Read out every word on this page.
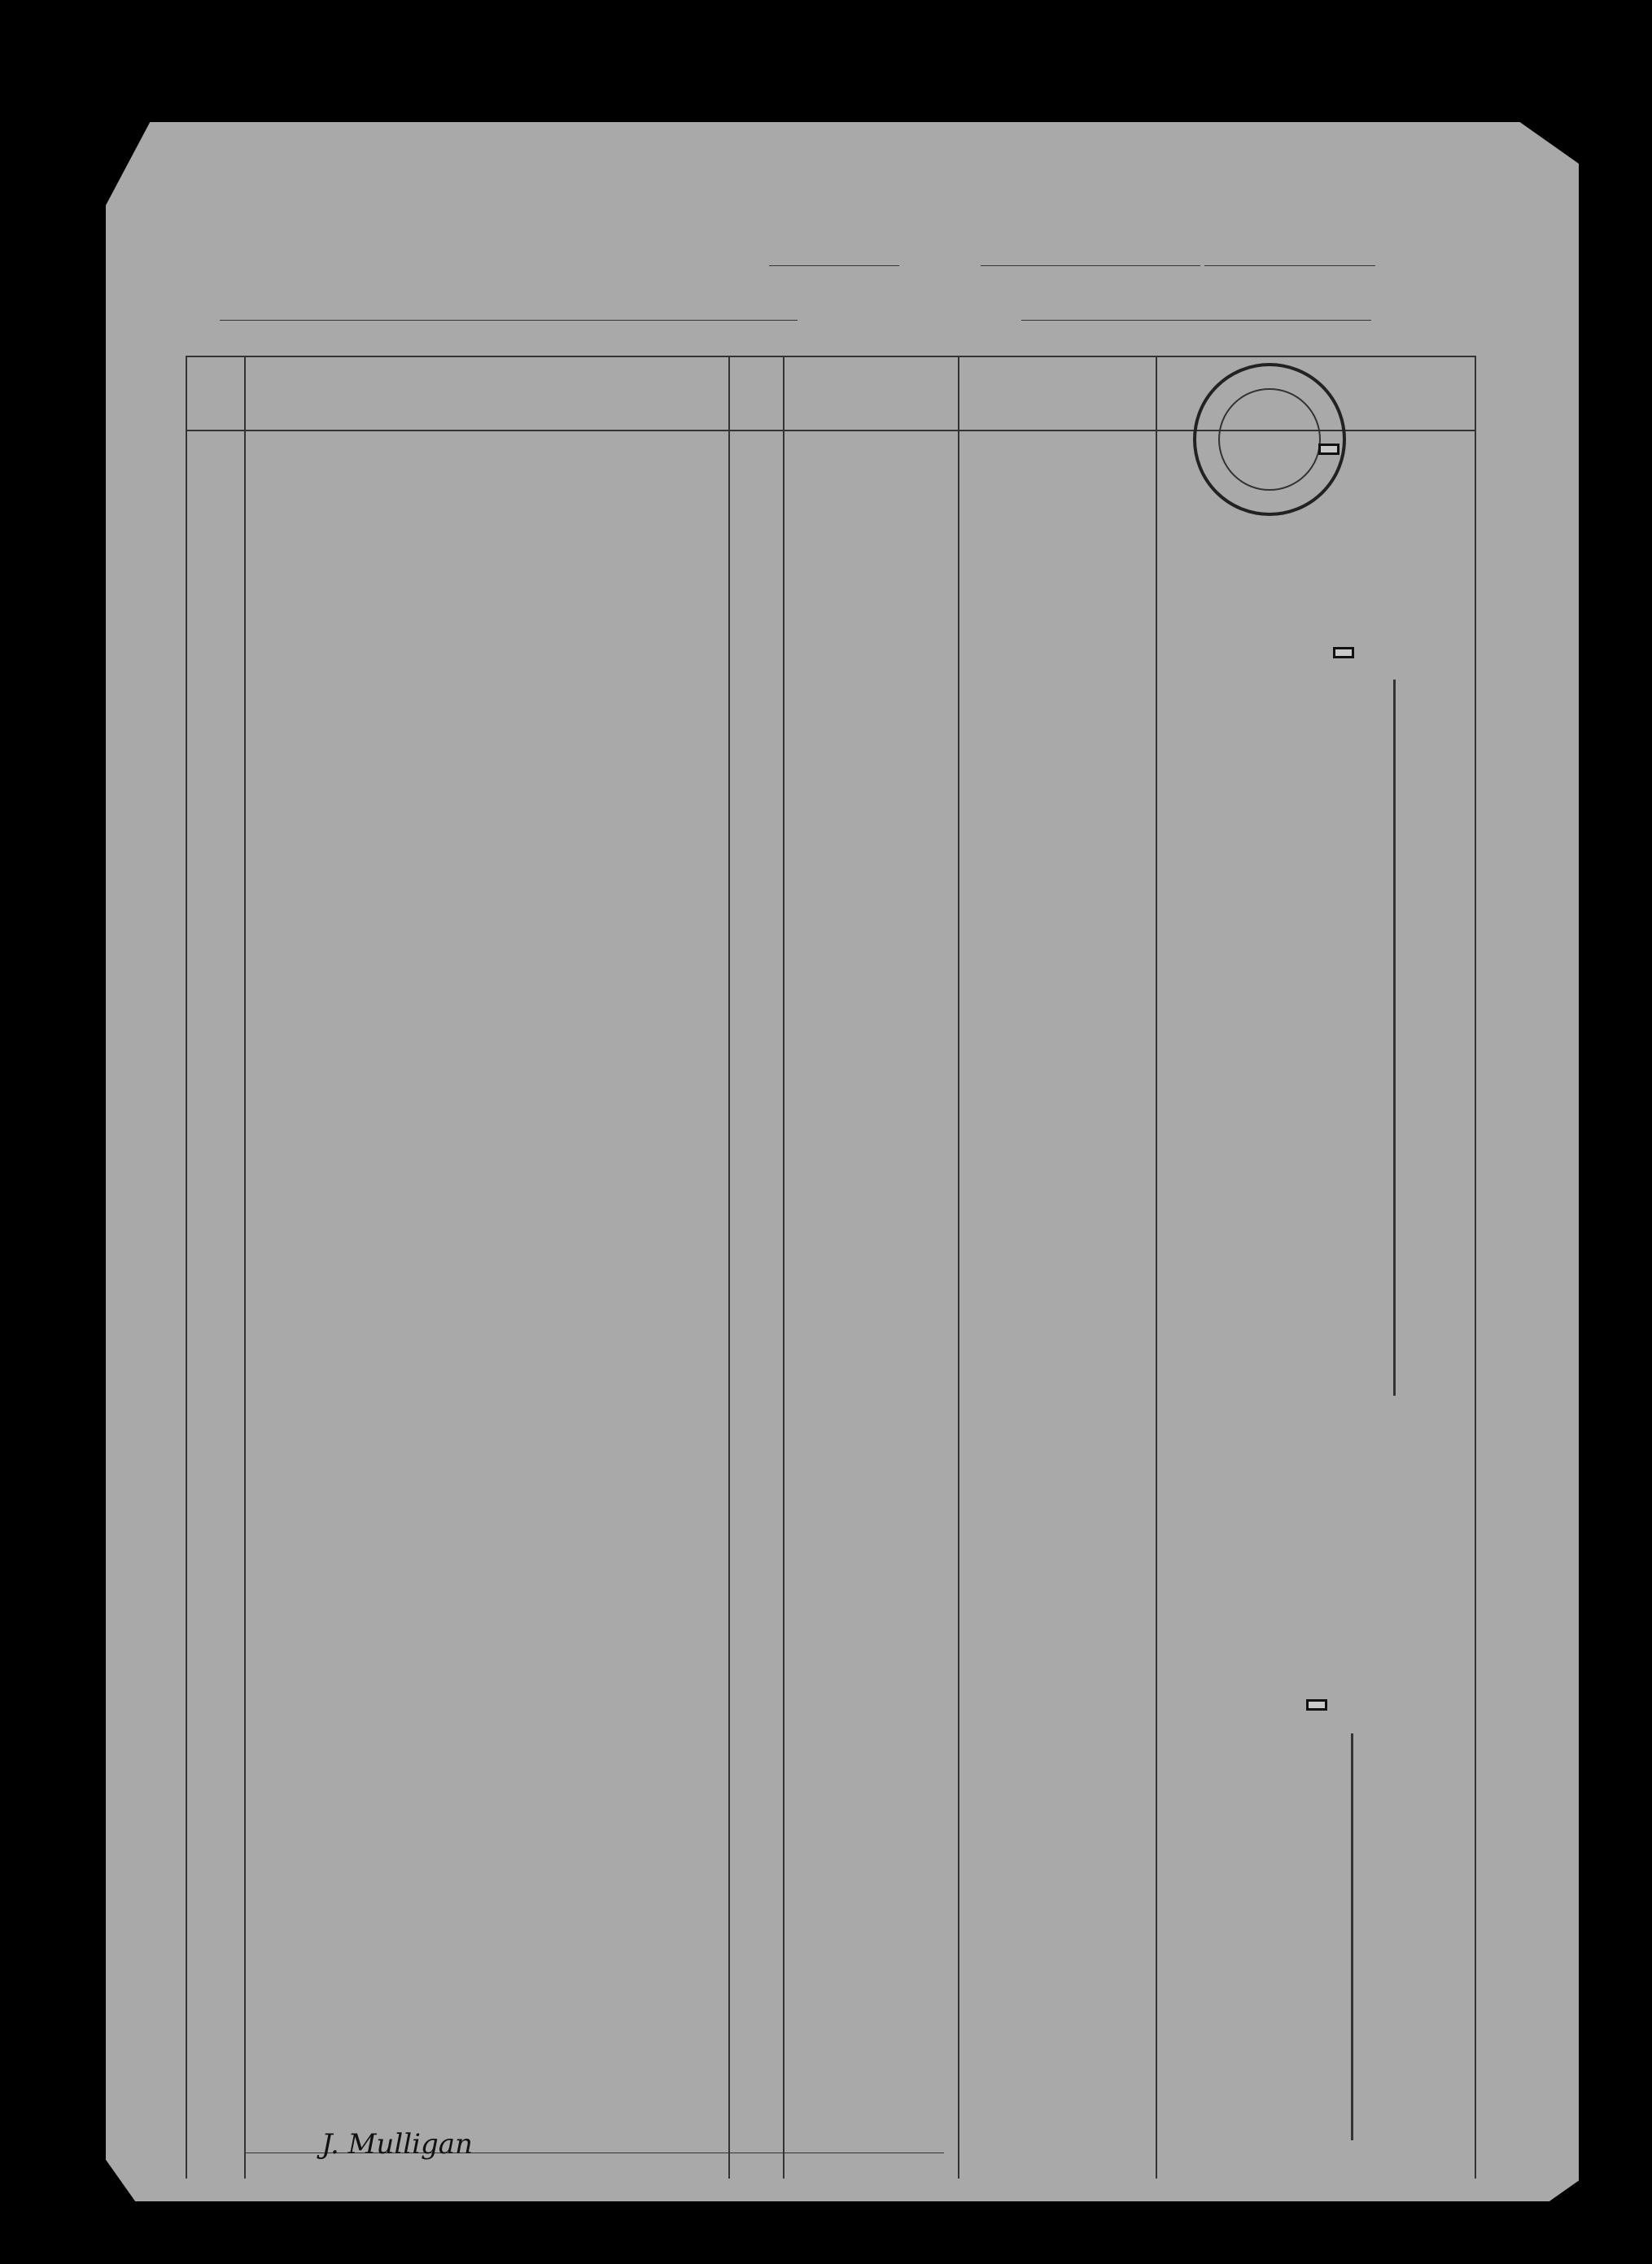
J. Mulligan
